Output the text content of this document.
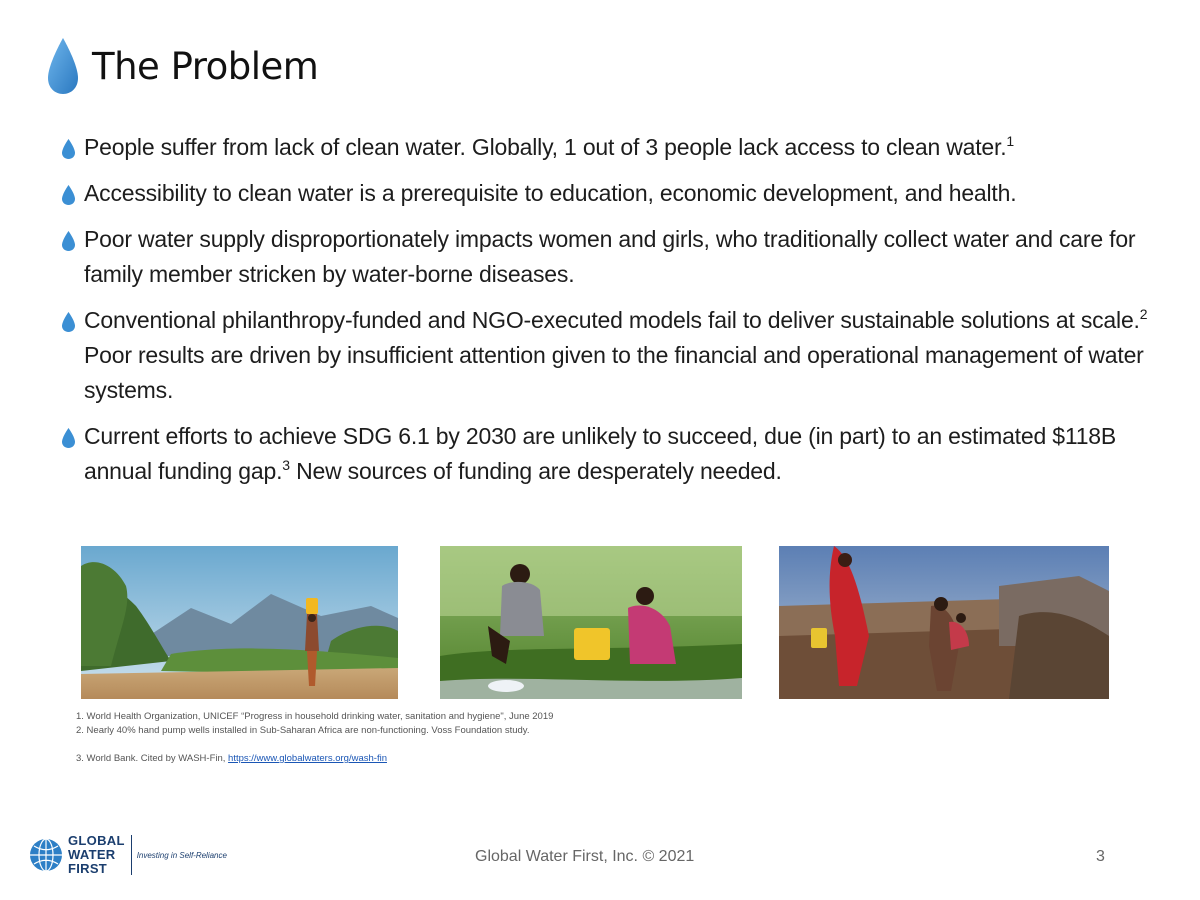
The Problem
People suffer from lack of clean water. Globally, 1 out of 3 people lack access to clean water.$^1$
Accessibility to clean water is a prerequisite to education, economic development, and health.
Poor water supply disproportionately impacts women and girls, who traditionally collect water and care for family member stricken by water-borne diseases.
Conventional philanthropy-funded and NGO-executed models fail to deliver sustainable solutions at scale.$^2$ Poor results are driven by insufficient attention given to the financial and operational management of water systems.
Current efforts to achieve SDG 6.1 by 2030 are unlikely to succeed, due (in part) to an estimated $118B annual funding gap.$^3$ New sources of funding are desperately needed.
1. World Health Organization, UNICEF “Progress in household drinking water, sanitation and hygiene", June 2019
2. Nearly 40% hand pump wells installed in Sub-Saharan Africa are non-functioning. Voss Foundation study.
3. World Bank. Cited by WASH-Fin, https://www.globalwaters.org/wash-fin
GLOBAL
WATER
FIRST
Investing in Self-Reliance	Global Water First, Inc. © 2021	3
